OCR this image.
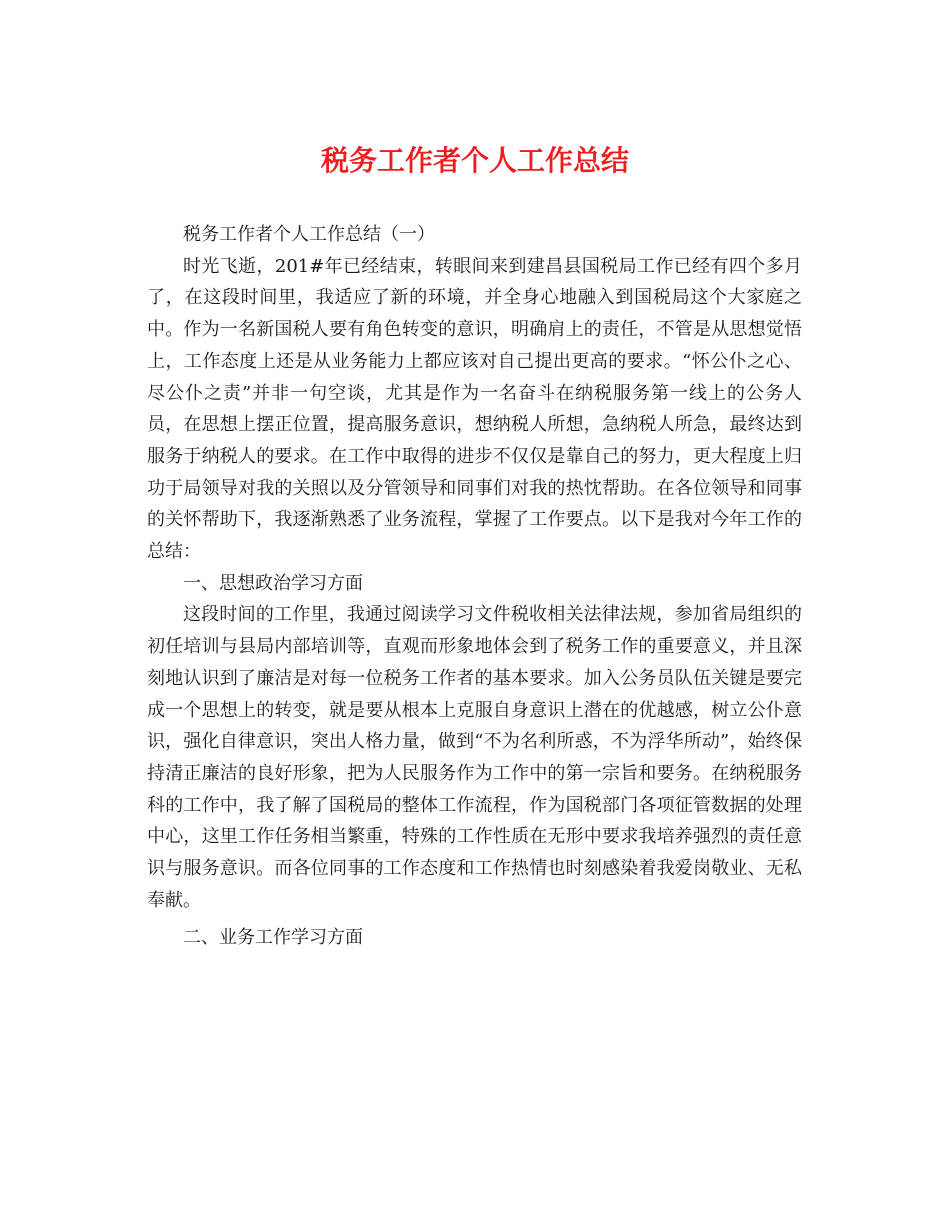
税务工作者个人工作总结

税务工作者个人工作总结（一）

时光飞逝，201#年已经结束，转眼间来到建昌县国税局工作已经有四个多月了，在这段时间里，我适应了新的环境，并全身心地融入到国税局这个大家庭之中。作为一名新国税人要有角色转变的意识，明确肩上的责任，不管是从思想觉悟上，工作态度上还是从业务能力上都应该对自己提出更高的要求。“怀公仆之心、尽公仆之责”并非一句空谈，尤其是作为一名奋斗在纳税服务第一线上的公务人员，在思想上摆正位置，提高服务意识，想纳税人所想，急纳税人所急，最终达到服务于纳税人的要求。在工作中取得的进步不仅仅是靠自己的努力，更大程度上归功于局领导对我的关照以及分管领导和同事们对我的热忱帮助。在各位领导和同事的关怀帮助下，我逐渐熟悉了业务流程，掌握了工作要点。以下是我对今年工作的总结：

一、思想政治学习方面

这段时间的工作里，我通过阅读学习文件税收相关法律法规，参加省局组织的初任培训与县局内部培训等，直观而形象地体会到了税务工作的重要意义，并且深刻地认识到了廉洁是对每一位税务工作者的基本要求。加入公务员队伍关键是要完成一个思想上的转变，就是要从根本上克服自身意识上潜在的优越感，树立公仆意识，强化自律意识，突出人格力量，做到“不为名利所惑，不为浮华所动”，始终保持清正廉洁的良好形象，把为人民服务作为工作中的第一宗旨和要务。在纳税服务科的工作中，我了解了国税局的整体工作流程，作为国税部门各项征管数据的处理中心，这里工作任务相当繁重，特殊的工作性质在无形中要求我培养强烈的责任意识与服务意识。而各位同事的工作态度和工作热情也时刻感染着我爱岗敬业、无私奉献。

二、业务工作学习方面
